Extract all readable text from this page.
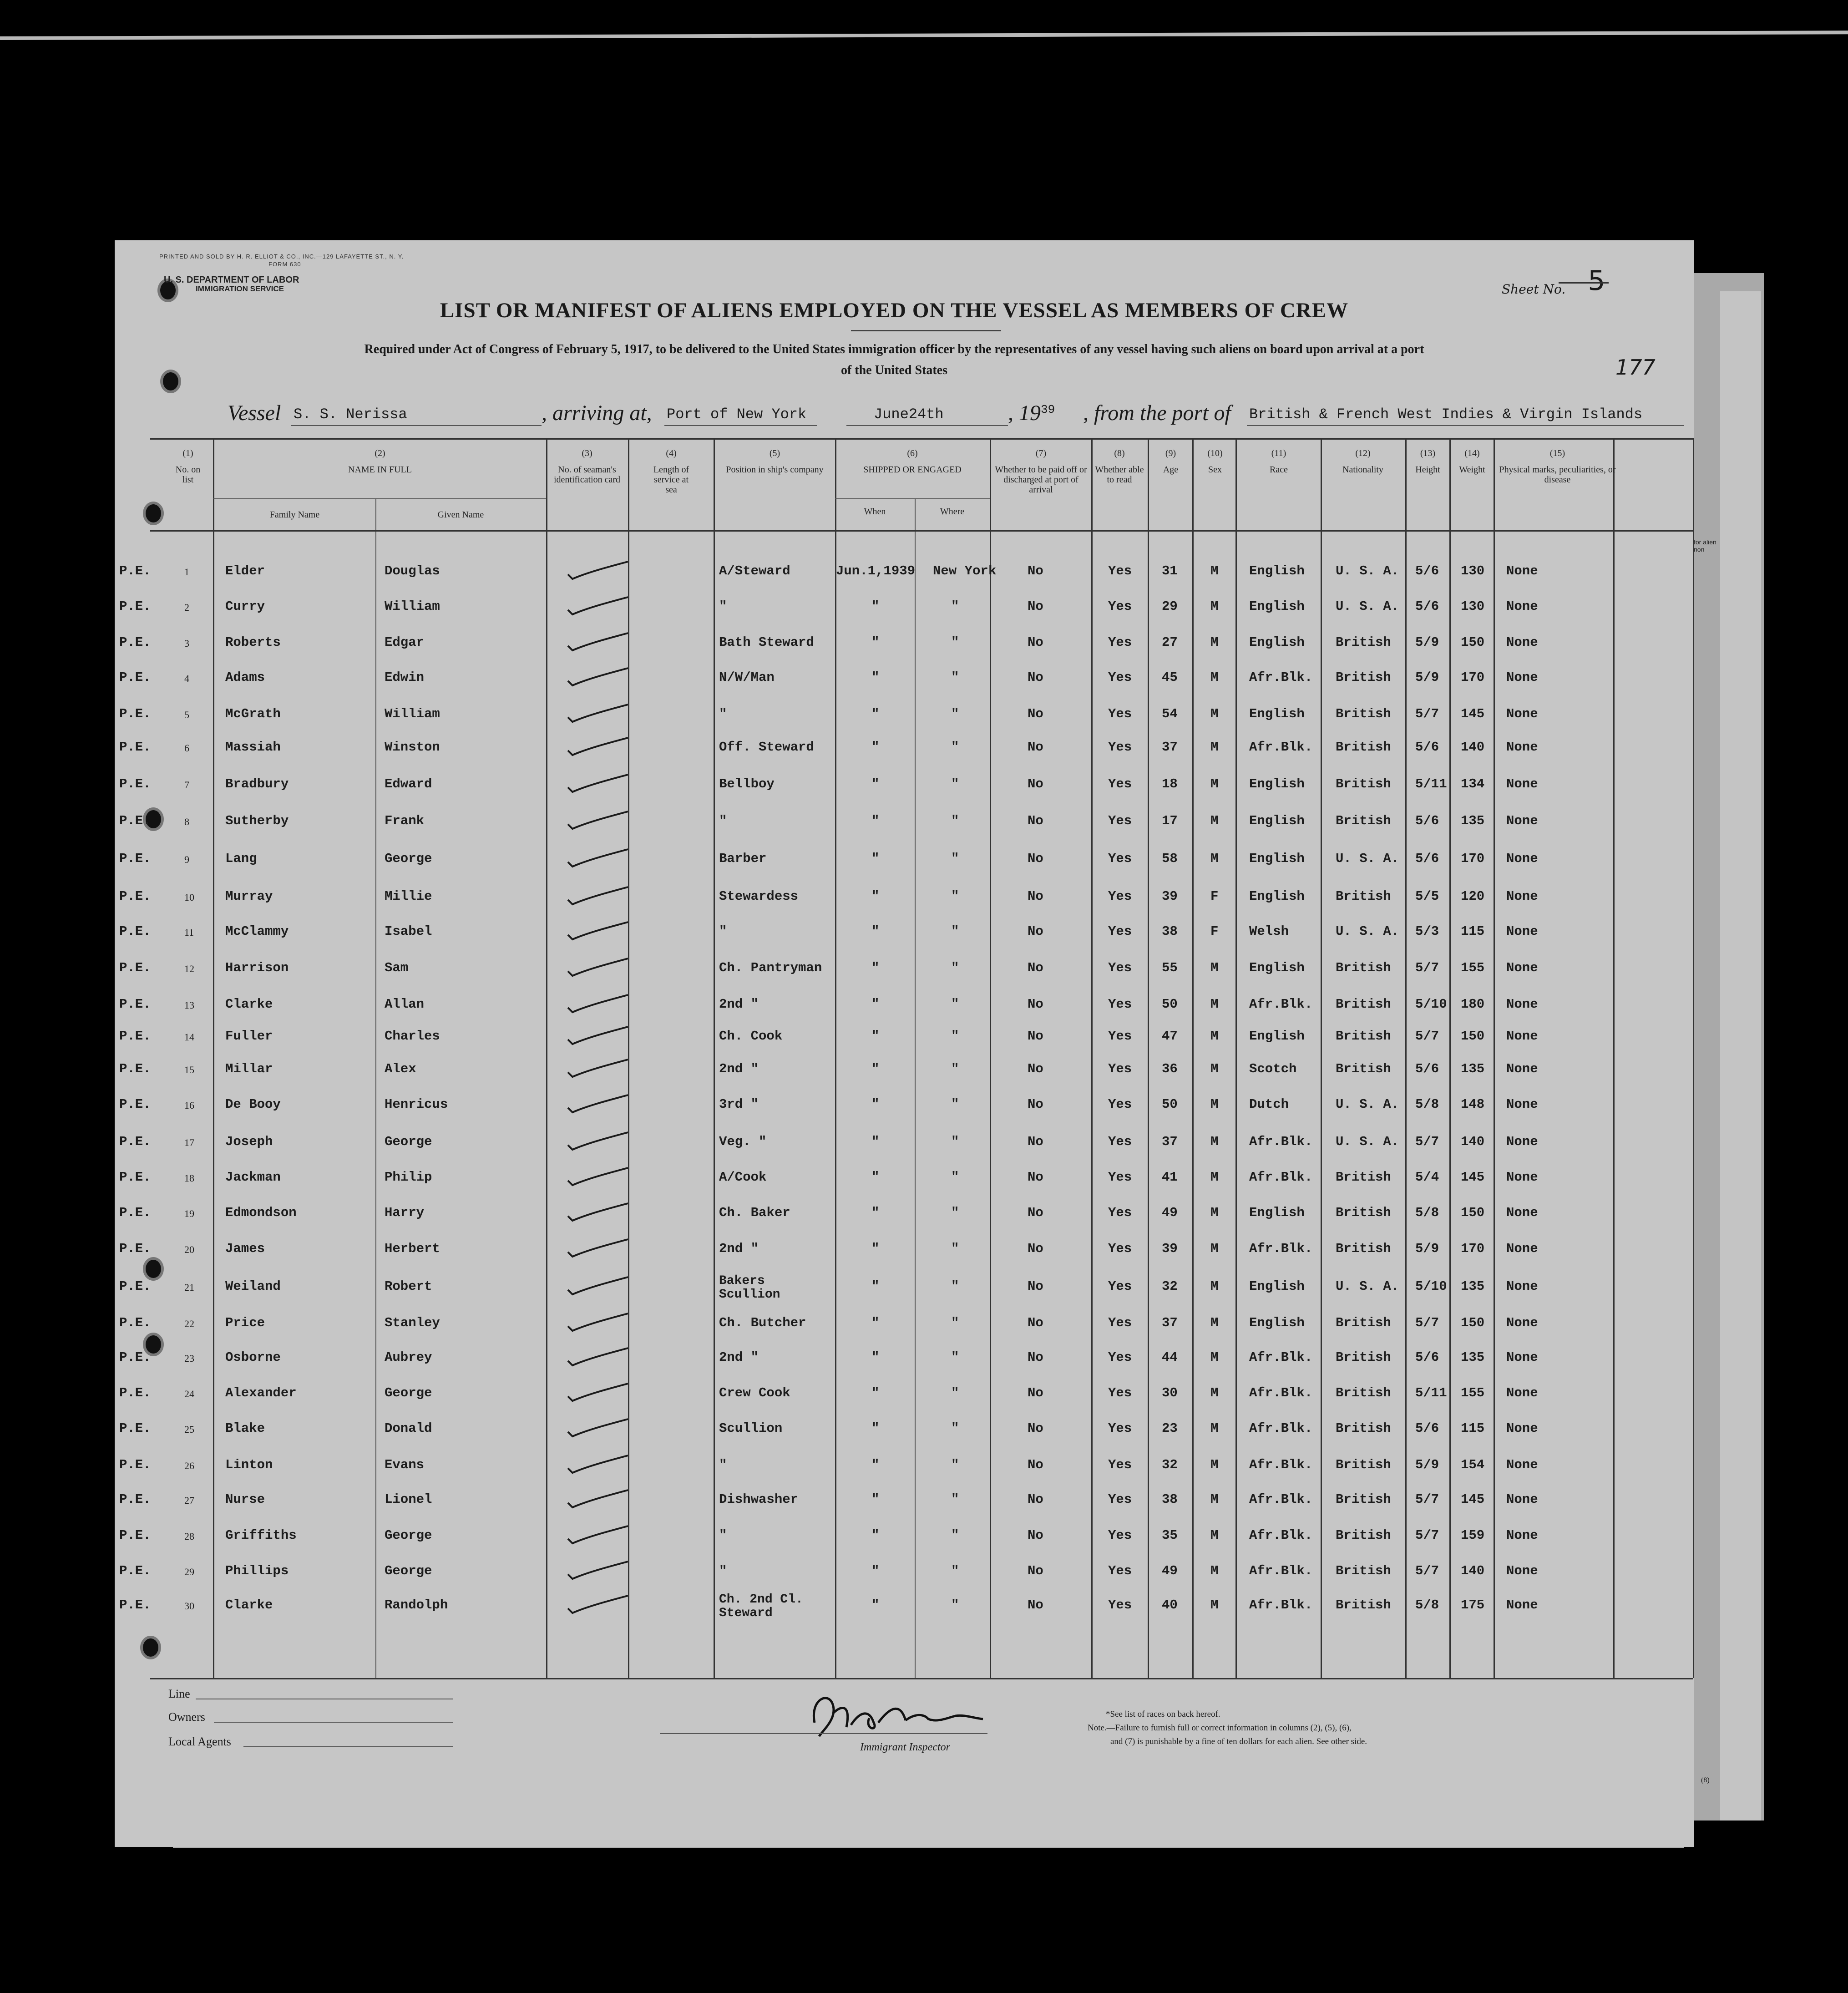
PRINTED AND SOLD BY H. R. ELLIOT & CO., INC.—129 LAFAYETTE ST., N. Y.
FORM 630
U. S. DEPARTMENT OF LABOR
IMMIGRATION SERVICE	Sheet No. 5
177
LIST OR MANIFEST OF ALIENS EMPLOYED ON THE VESSEL AS MEMBERS OF CREW
Required under Act of Congress of February 5, 1917, to be delivered to the United States immigration officer by the representatives of any vessel having such aliens on board upon arrival at a port
of the United States
Vessel S. S. Nerissa	, arriving at, Port of New York	June24th	, $19^{39}$ , from the port of British & French West Indies & Virgin Islands
(1)
No. on list
(2)
NAME IN FULL
Family Name	Given Name
(3)
No. of seaman's identification card
(4)
Length of service at sea
(5)
Position in ship's company
(6)
SHIPPED OR ENGAGED
When	Where
(7)
Whether to be paid off or discharged at port of arrival
(8)
Whether able to read
(9)
Age
(10)
Sex
(11)
Race
(12)
Nationality
(13)
Height
(14)
Weight
(15)
Physical marks, peculiarities, or disease
for alien
non
P.E.	1	Elder	Douglas	A/Steward	Jun.1,1939 New York No	Yes 31 M English U. S. A. 5/6 130 None
P.E.	2	Curry	William	"	"	"	No	Yes 29 M English U. S. A. 5/6 130 None
P.E.	3	Roberts	Edgar	Bath Steward	"	"	No	Yes 27 M English British 5/9 150 None
P.E.	4	Adams	Edwin	N/W/Man	"	"	No	Yes 45 M Afr.Blk. British 5/9 170 None
P.E.	5	McGrath	William	"	"	"	No	Yes 54 M English British 5/7 145 None
P.E.	6	Massiah	Winston	Off. Steward	"	"	No	Yes 37 M Afr.Blk. British 5/6 140 None
P.E.	7	Bradbury	Edward	Bellboy	"	"	No	Yes 18 M English British 5/11 134 None
P.E.	8	Sutherby	Frank	"	"	"	No	Yes 17 M English British 5/6 135 None
P.E.	9	Lang	George	Barber	"	"	No	Yes 58 M English U. S. A. 5/6 170 None
P.E.	10 Murray	Millie	Stewardess	"	"	No	Yes 39 F English British 5/5 120 None
P.E.	11 McClammy	Isabel	"	"	"	No	Yes 38 F Welsh	U. S. A. 5/3 115 None
P.E.	12 Harrison	Sam	Ch. Pantryman	"	"	No	Yes 55 M English British 5/7 155 None
P.E.	13 Clarke	Allan	2nd "	"	"	No	Yes 50 M Afr.Blk. British 5/10 180 None
P.E.	14 Fuller	Charles	Ch. Cook	"	"	No	Yes 47 M English British 5/7 150 None
P.E.	15 Millar	Alex	2nd "	"	"	No	Yes 36 M Scotch	British 5/6 135 None
P.E.	16 De Booy	Henricus	3rd "	"	"	No	Yes 50 M Dutch	U. S. A. 5/8 148 None
P.E.	17 Joseph	George	Veg. "	"	"	No	Yes 37 M Afr.Blk. U. S. A. 5/7 140 None
P.E.	18 Jackman	Philip	A/Cook	"	"	No	Yes 41 M Afr.Blk. British 5/4 145 None
P.E.	19 Edmondson	Harry	Ch. Baker	"	"	No	Yes 49 M English British 5/8 150 None
P.E.	20 James	Herbert	2nd "	"	"	No	Yes 39 M Afr.Blk. British 5/9 170 None
P.E.	21 Weiland	Robert	Bakers
Scullion
"	"	No	Yes 32 M English U. S. A. 5/10 135 None
P.E.	22 Price	Stanley	Ch. Butcher	"	"	No	Yes 37 M English British 5/7 150 None
P.E.	23 Osborne	Aubrey	2nd "	"	"	No	Yes 44 M Afr.Blk. British 5/6 135 None
P.E.	24 Alexander	George	Crew Cook	"	"	No	Yes 30 M Afr.Blk. British 5/11 155 None
P.E.	25 Blake	Donald	Scullion	"	"	No	Yes 23 M Afr.Blk. British 5/6 115 None
P.E.	26 Linton	Evans	"	"	"	No	Yes 32 M Afr.Blk. British 5/9 154 None
P.E.	27 Nurse	Lionel	Dishwasher	"	"	No	Yes 38 M Afr.Blk. British 5/7 145 None
P.E.	28 Griffiths	George	"	"	"	No	Yes 35 M Afr.Blk. British 5/7 159 None
P.E.	29 Phillips	George	"	"	"	No	Yes 49 M Afr.Blk. British 5/7 140 None
P.E.	30 Clarke	Randolph	Ch. 2nd Cl.
Steward
"	"	No	Yes 40 M Afr.Blk. British 5/8 175 None
Line
Owners
Local Agents	Immigrant Inspector
*See list of races on back hereof.
Note.—Failure to furnish full or correct information in columns (2), (5), (6),
and (7) is punishable by a fine of ten dollars for each alien. See other side.
(8)
